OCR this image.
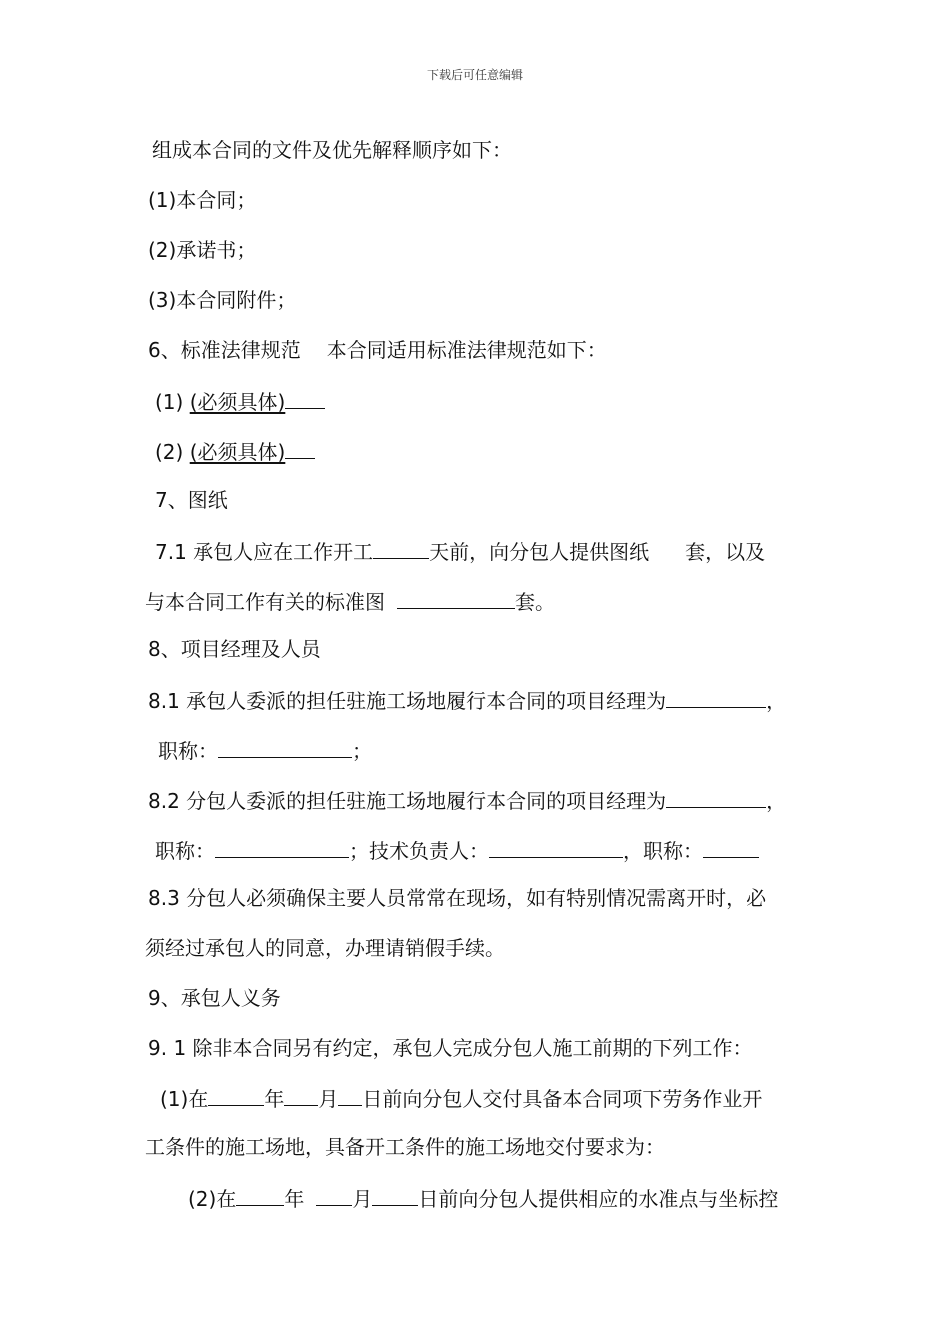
下载后可任意编辑
组成本合同的文件及优先解释顺序如下：
(1)本合同；
(2)承诺书；
(3)本合同附件；
6、标准法律规范 本合同适用标准法律规范如下：
(1) (必须具体)
(2) (必须具体)
7、图纸
7.1 承包人应在工作开工	天前，向分包人提供图纸 套，以及
与本合同工作有关的标准图	套。
8、项目经理及人员
8.1 承包人委派的担任驻施工场地履行本合同的项目经理为	，
职称：	；
8.2 分包人委派的担任驻施工场地履行本合同的项目经理为	，
职称：	；技术负责人：	，职称：
8.3 分包人必须确保主要人员常常在现场，如有特别情况需离开时，必
须经过承包人的同意，办理请销假手续。
9、承包人义务
9. 1 除非本合同另有约定，承包人完成分包人施工前期的下列工作：
(1)在	年 月 日前向分包人交付具备本合同项下劳务作业开
工条件的施工场地，具备开工条件的施工场地交付要求为：
(2)在 年 月 日前向分包人提供相应的水准点与坐标控
